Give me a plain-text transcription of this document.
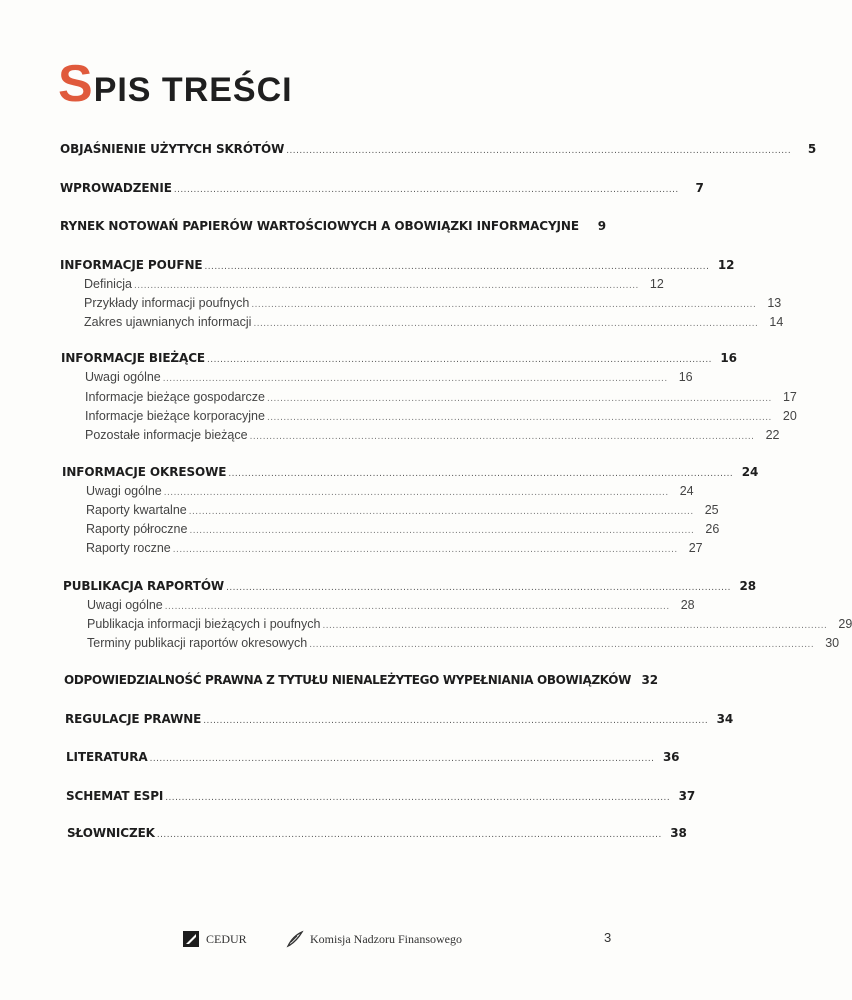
SPIS TREŚCI
OBJAŚNIENIE UŻYTYCH SKRÓTÓW ..........................................................................................................................................................	5
WPROWADZENIE ..........................................................................................................................................................	7
RYNEK NOTOWAŃ PAPIERÓW WARTOŚCIOWYCH A OBOWIĄZKI INFORMACYJNE	9
INFORMACJE POUFNE .......................................................................................................................................................... 12
Definicja .......................................................................................................................................................... 12
Przykłady informacji poufnych .......................................................................................................................................................... 13
Zakres ujawnianych informacji .......................................................................................................................................................... 14
INFORMACJE BIEŻĄCE .......................................................................................................................................................... 16
Uwagi ogólne .......................................................................................................................................................... 16
Informacje bieżące gospodarcze .......................................................................................................................................................... 17
Informacje bieżące korporacyjne .......................................................................................................................................................... 20
Pozostałe informacje bieżące .......................................................................................................................................................... 22
INFORMACJE OKRESOWE .......................................................................................................................................................... 24
Uwagi ogólne .......................................................................................................................................................... 24
Raporty kwartalne .......................................................................................................................................................... 25
Raporty półroczne .......................................................................................................................................................... 26
Raporty roczne .......................................................................................................................................................... 27
PUBLIKACJA RAPORTÓW .......................................................................................................................................................... 28
Uwagi ogólne .......................................................................................................................................................... 28
Publikacja informacji bieżących i poufnych .......................................................................................................................................................... 29
Terminy publikacji raportów okresowych .......................................................................................................................................................... 30
ODPOWIEDZIALNOŚĆ PRAWNA Z TYTUŁU NIENALEŻYTEGO WYPEŁNIANIA OBOWIĄZKÓW 32
REGULACJE PRAWNE .......................................................................................................................................................... 34
LITERATURA .......................................................................................................................................................... 36
SCHEMAT ESPI .......................................................................................................................................................... 37
SŁOWNICZEK .......................................................................................................................................................... 38
CEDUR	Komisja Nadzoru Finansowego	3
